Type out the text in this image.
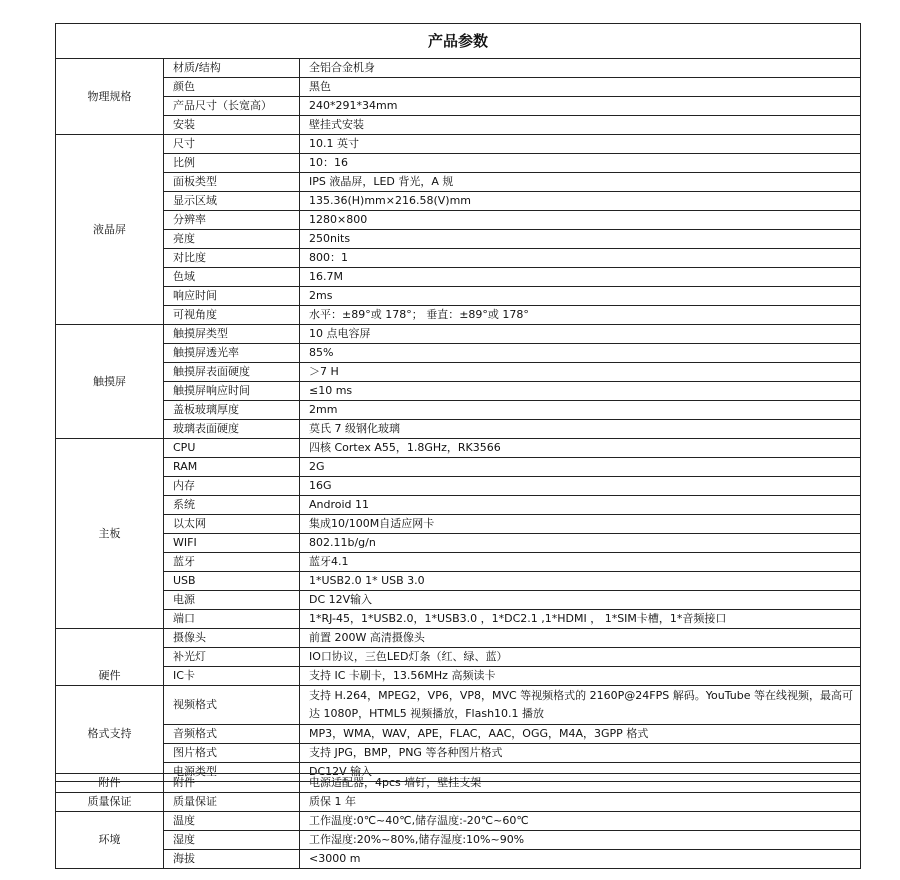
产品参数		
物理规格	材质/结构	全铝合金机身
	颜色	黑色
	产品尺寸（长宽高）	240*291*34mm
	安装	壁挂式安装
液晶屏	尺寸	10.1 英寸
	比例	10：16
	面板类型	IPS 液晶屏，LED 背光，A 规
	显示区域	135.36(H)mm×216.58(V)mm
	分辨率	1280×800
	亮度	250nits
	对比度	800：1
	色域	16.7M
	响应时间	2ms
	可视角度	水平：±89°或 178°； 垂直：±89°或 178°
触摸屏	触摸屏类型	10 点电容屏
	触摸屏透光率	85%
	触摸屏表面硬度	＞7 H
	触摸屏响应时间	≤10 ms
	盖板玻璃厚度	2mm
	玻璃表面硬度	莫氏 7 级钢化玻璃
主板	CPU	四核 Cortex A55，1.8GHz，RK3566
	RAM	2G
	内存	16G
	系统	Android 11
	以太网	集成10/100M自适应网卡
	WIFI	802.11b/g/n
	蓝牙	蓝牙4.1
	USB	1*USB2.0 1* USB 3.0
	电源	DC 12V输入
	端口	1*RJ-45，1*USB2.0，1*USB3.0 ，1*DC2.1 ,1*HDMI ， 1*SIM卡槽，1*音频接口
硬件	摄像头	前置 200W 高清摄像头
	补光灯	IO口协议，三色LED灯条（红、绿、蓝）
	IC卡	支持 IC 卡刷卡，13.56MHz 高频读卡
格式支持	视频格式	支持 H.264，MPEG2，VP6，VP8，MVC 等视频格式的 2160P@24FPS 解码。YouTube 等在线视频，最高可达 1080P，HTML5 视频播放，Flash10.1 播放
	音频格式	MP3，WMA，WAV，APE，FLAC，AAC，OGG，M4A，3GPP 格式
	图片格式	支持 JPG，BMP，PNG 等各种图片格式
	电源类型	DC12V 输入
附件	附件	电源适配器，4pcs 墙钉，壁挂支架
质量保证	质量保证	质保 1 年
环境	温度	工作温度:0℃~40℃,储存温度:-20℃~60℃
	湿度	工作湿度:20%~80%,储存湿度:10%~90%
	海拔	<3000 m
